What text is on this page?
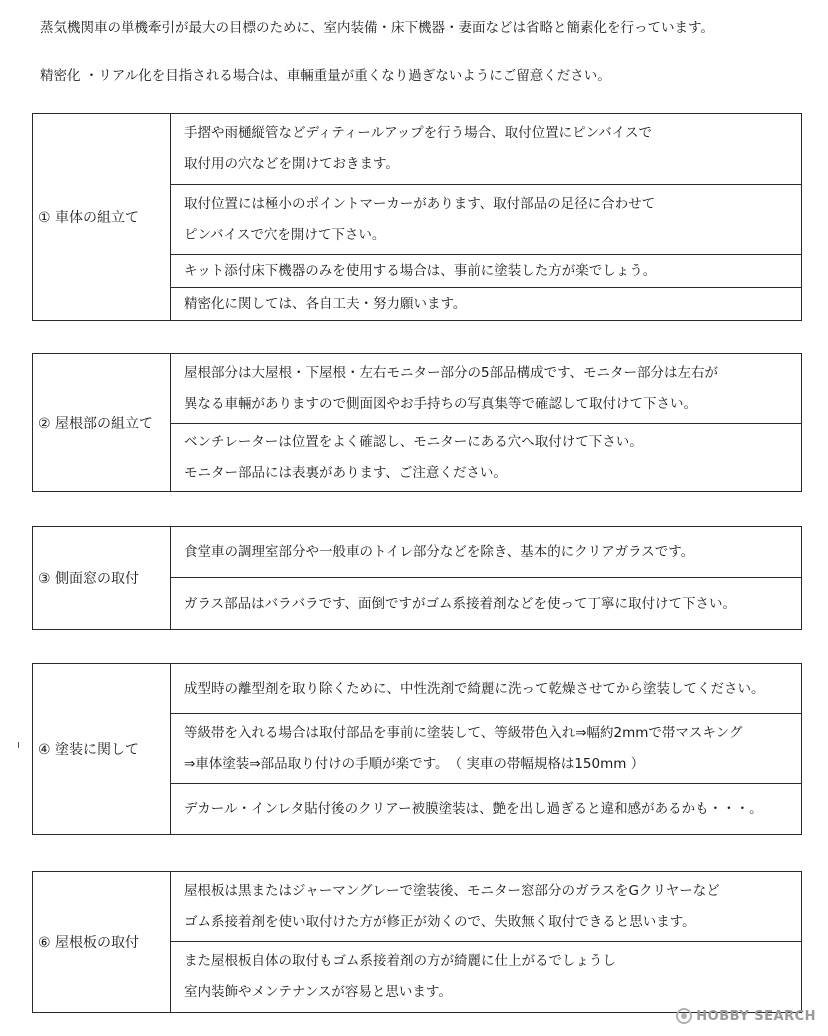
蒸気機関車の単機牽引が最大の目標のために、室内装備・床下機器・妻面などは省略と簡素化を行っています。
精密化 ・リアル化を目指される場合は、車輛重量が重くなり過ぎないようにご留意ください。
① 車体の組立て
手摺や雨樋縦管などディティールアップを行う場合、取付位置にピンバイスで
取付用の穴などを開けておきます。
取付位置には極小のポイントマーカーがあります、取付部品の足径に合わせて
ピンバイスで穴を開けて下さい。
キット添付床下機器のみを使用する場合は、事前に塗装した方が楽でしょう。
精密化に関しては、各自工夫・努力願います。
② 屋根部の組立て
屋根部分は大屋根・下屋根・左右モニター部分の5部品構成です、モニター部分は左右が
異なる車輛がありますので側面図やお手持ちの写真集等で確認して取付けて下さい。
ベンチレーターは位置をよく確認し、モニターにある穴へ取付けて下さい。
モニター部品には表裏があります、ご注意ください。
③ 側面窓の取付
食堂車の調理室部分や一般車のトイレ部分などを除き、基本的にクリアガラスです。
ガラス部品はバラバラです、面倒ですがゴム系接着剤などを使って丁寧に取付けて下さい。
④ 塗装に関して
成型時の離型剤を取り除くために、中性洗剤で綺麗に洗って乾燥させてから塗装してください。
等級帯を入れる場合は取付部品を事前に塗装して、等級帯色入れ⇒幅約2mmで帯マスキング
⇒車体塗装⇒部品取り付けの手順が楽です。　（ 実車の帯幅規格は150mm ）
デカール・インレタ貼付後のクリアー被膜塗装は、艶を出し過ぎると違和感があるかも・・・。
⑥ 屋根板の取付
屋根板は黒またはジャーマングレーで塗装後、モニター窓部分のガラスをGクリヤーなど
ゴム系接着剤を使い取付けた方が修正が効くので、失敗無く取付できると思います。
また屋根板自体の取付もゴム系接着剤の方が綺麗に仕上がるでしょうし
室内装飾やメンテナンスが容易と思います。
HOBBY SEARCH
